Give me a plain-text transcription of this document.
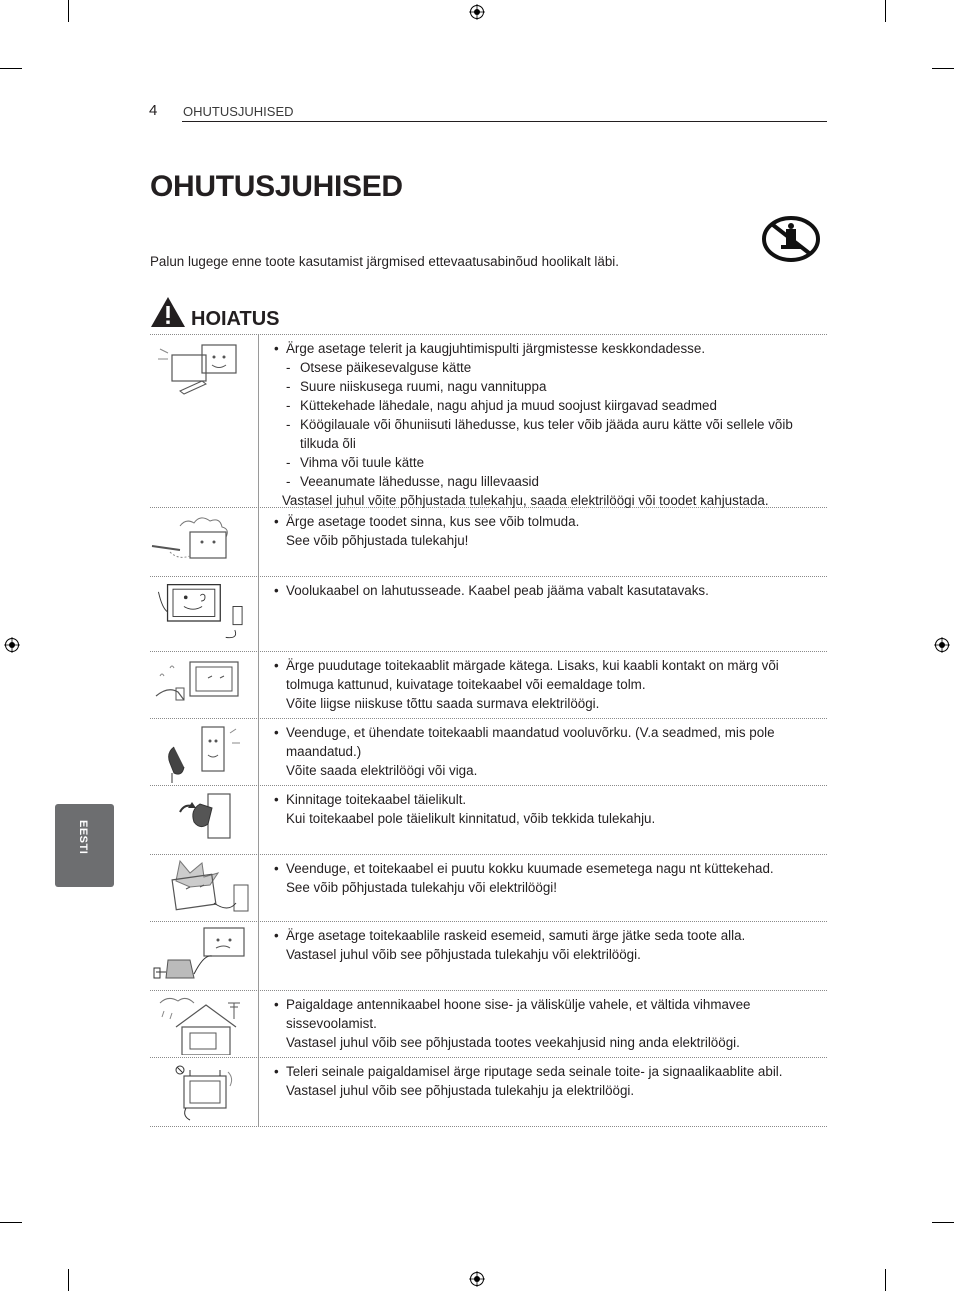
4 OHUTUSJUHISED
OHUTUSJUHISED
Palun lugege enne toote kasutamist järgmised ettevaatusabinõud hoolikalt läbi.
HOIATUS
• Ärge asetage telerit ja kaugjuhtimispulti järgmistesse keskkondadesse.
- Otsese päikesevalguse kätte
- Suure niiskusega ruumi, nagu vannituppa
- Küttekehade lähedale, nagu ahjud ja muud soojust kiirgavad seadmed
- Köögilauale või õhuniisuti lähedusse, kus teler võib jääda auru kätte või sellele võib tilkuda õli
- Vihma või tuule kätte
- Veeanumate lähedusse, nagu lillevaasid
Vastasel juhul võite põhjustada tulekahju, saada elektrilöögi või toodet kahjustada.
• Ärge asetage toodet sinna, kus see võib tolmuda.
See võib põhjustada tulekahju!
• Voolukaabel on lahutusseade. Kaabel peab jääma vabalt kasutatavaks.
• Ärge puudutage toitekaablit märgade kätega. Lisaks, kui kaabli kontakt on märg või tolmuga kattunud, kuivatage toitekaabel või eemaldage tolm.
Võite liigse niiskuse tõttu saada surmava elektrilöögi.
• Veenduge, et ühendate toitekaabli maandatud vooluvõrku. (V.a seadmed, mis pole maandatud.)
Võite saada elektrilöögi või viga.
• Kinnitage toitekaabel täielikult.
Kui toitekaabel pole täielikult kinnitatud, võib tekkida tulekahju.
• Veenduge, et toitekaabel ei puutu kokku kuumade esemetega nagu nt küttekehad.
See võib põhjustada tulekahju või elektrilöögi!
• Ärge asetage toitekaablile raskeid esemeid, samuti ärge jätke seda toote alla.
Vastasel juhul võib see põhjustada tulekahju või elektrilöögi.
• Paigaldage antennikaabel hoone sise- ja väliskülje vahele, et vältida vihmavee sissevoolamist.
Vastasel juhul võib see põhjustada tootes veekahjusid ning anda elektrilöögi.
• Teleri seinale paigaldamisel ärge riputage seda seinale toite- ja signaalikaablite abil.
Vastasel juhul võib see põhjustada tulekahju ja elektrilöögi.
EESTI
